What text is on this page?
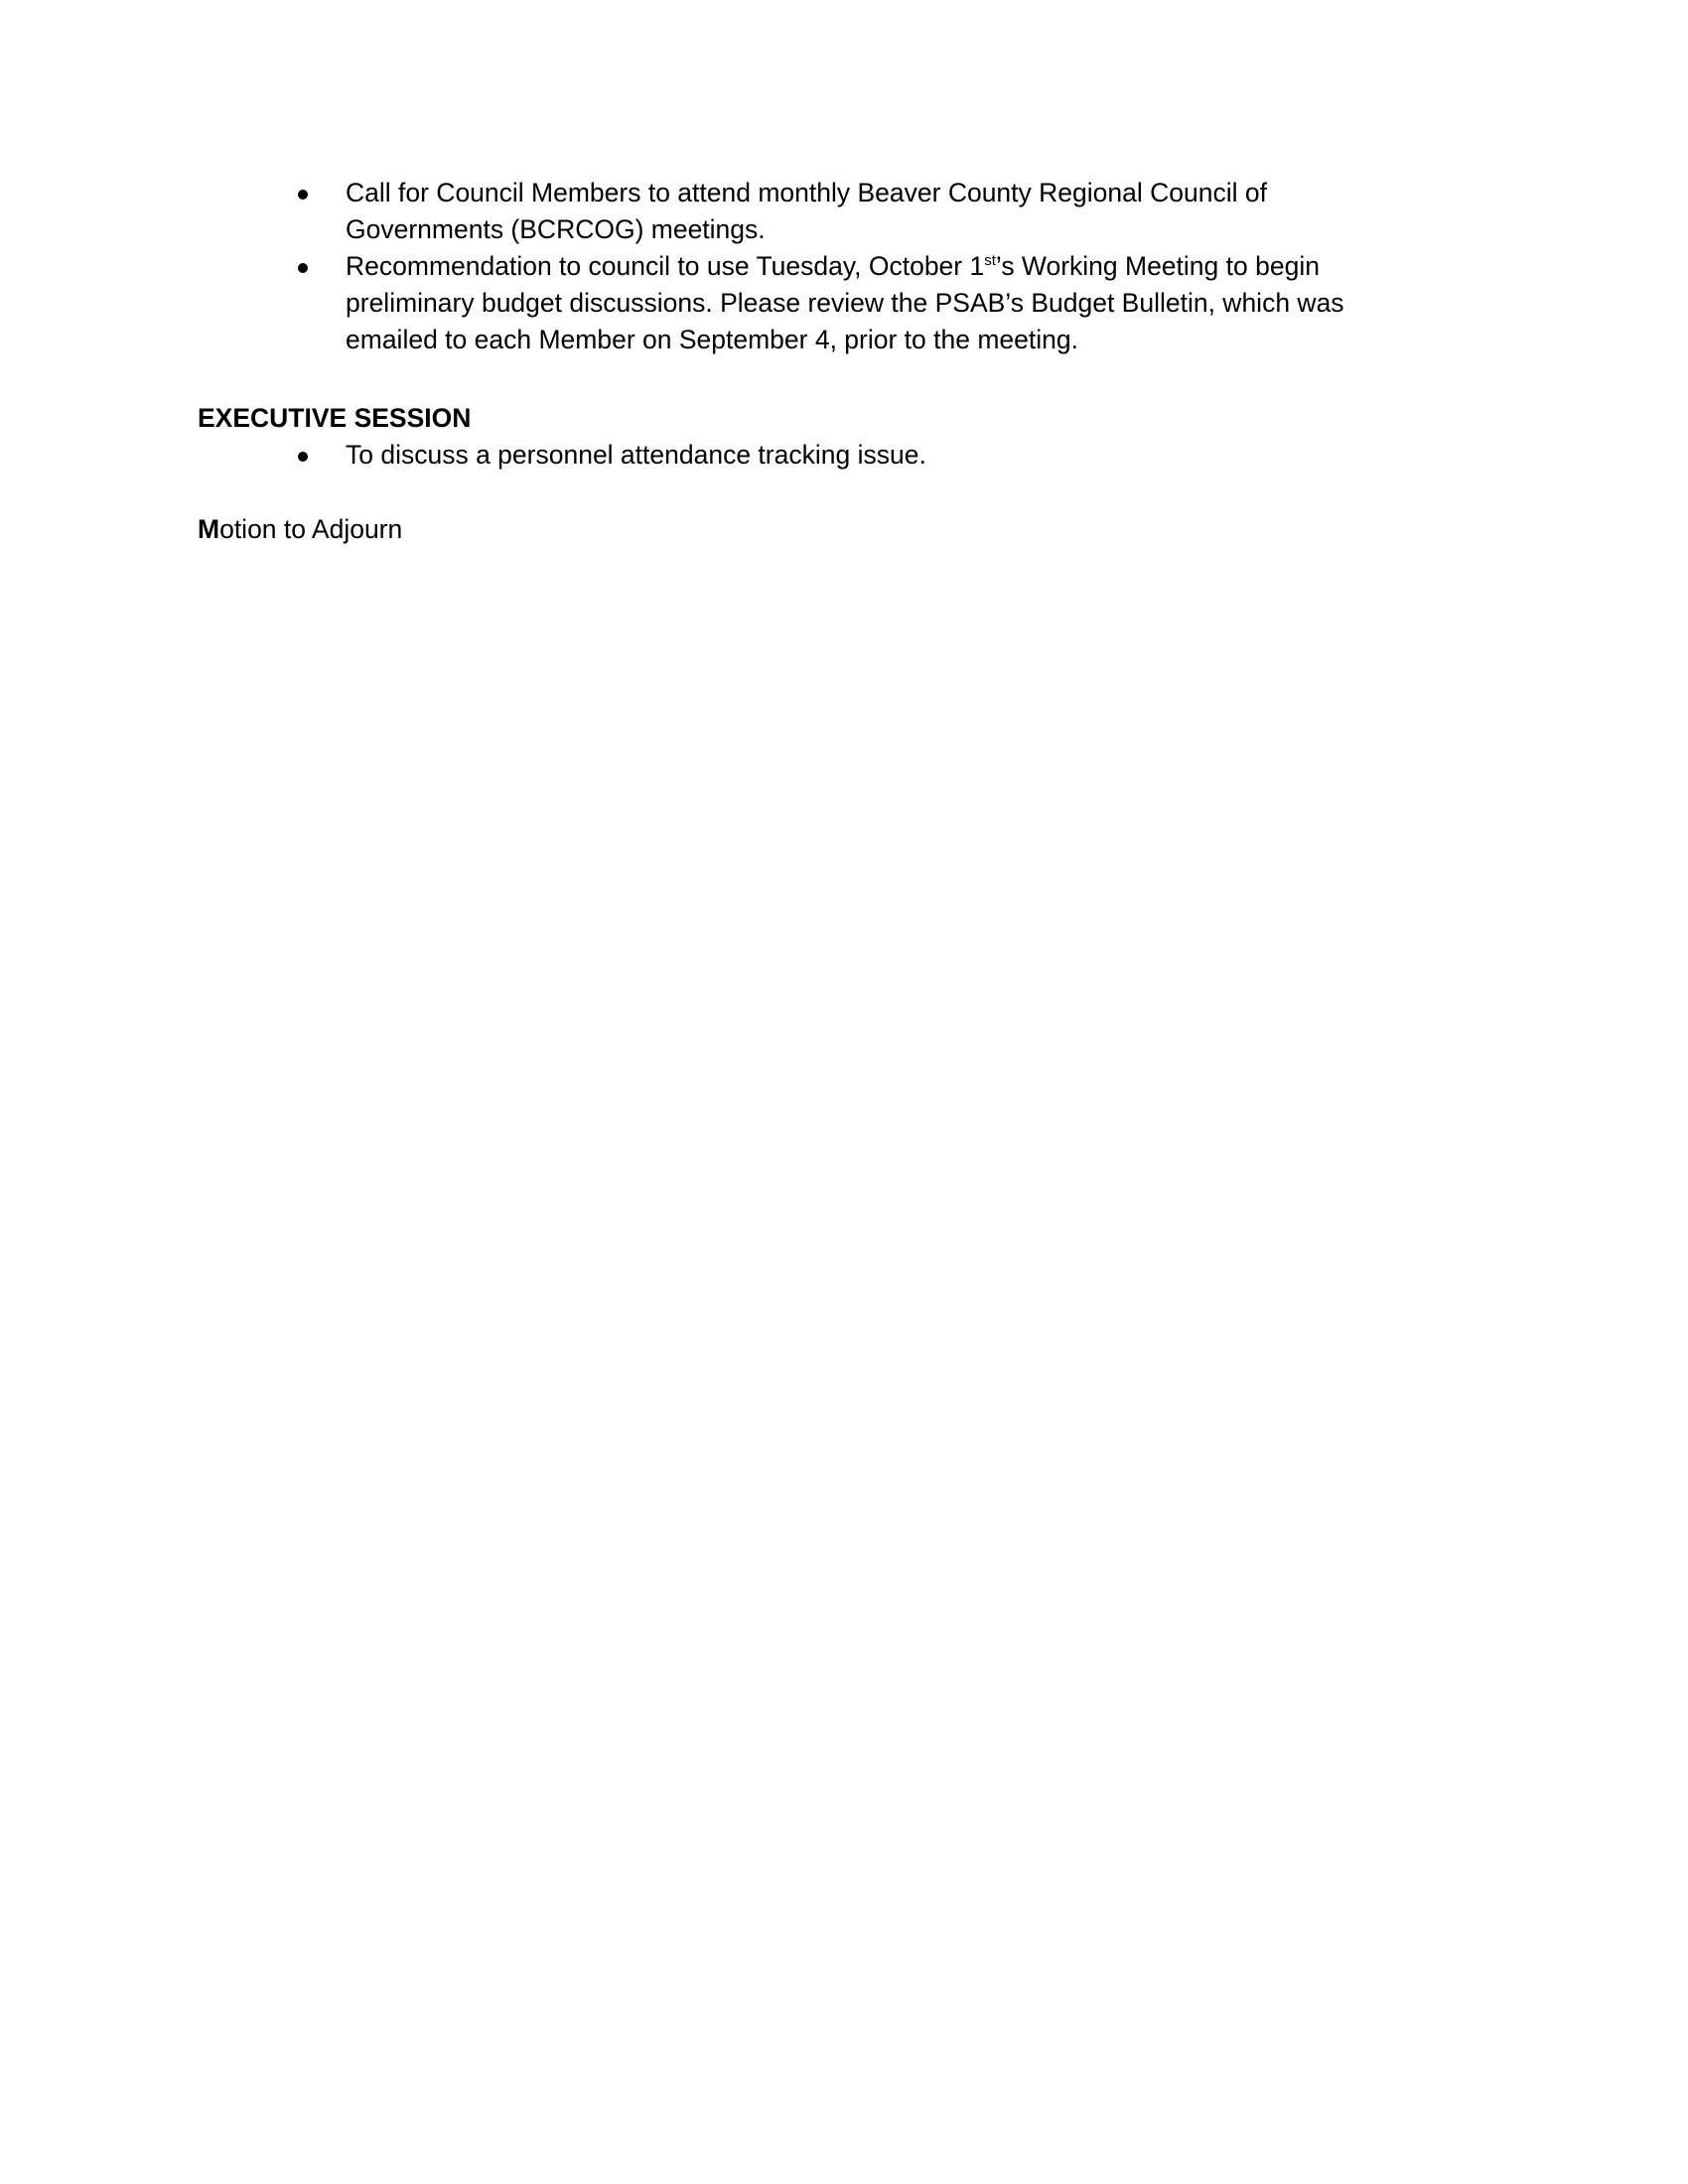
Call for Council Members to attend monthly Beaver County Regional Council of Governments (BCRCOG) meetings.
Recommendation to council to use Tuesday, October 1st’s Working Meeting to begin preliminary budget discussions. Please review the PSAB’s Budget Bulletin, which was emailed to each Member on September 4, prior to the meeting.

EXECUTIVE SESSION

To discuss a personnel attendance tracking issue.

Motion to Adjourn
